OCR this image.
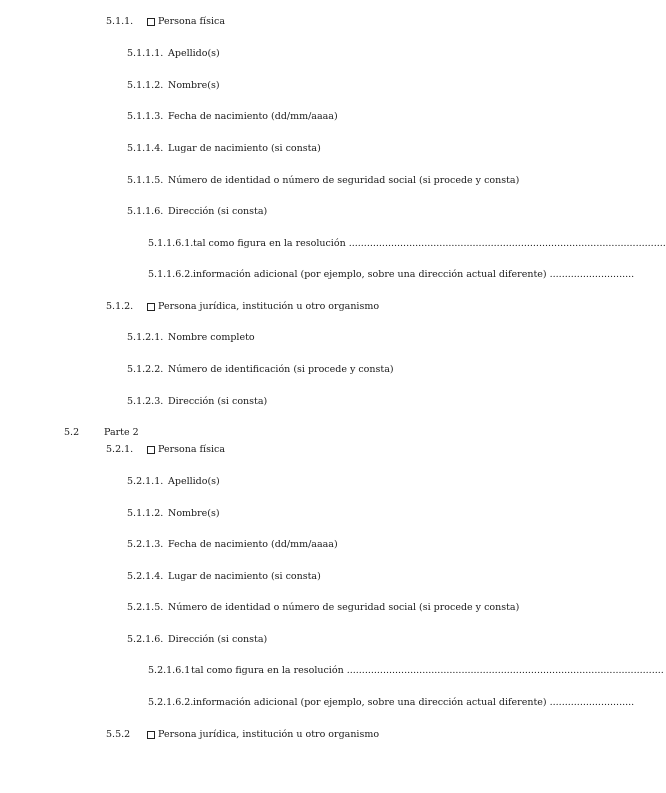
5.1.1.	Persona física
5.1.1.1. Apellido(s)
5.1.1.2. Nombre(s)
5.1.1.3. Fecha de nacimiento (dd/mm/aaaa)
5.1.1.4. Lugar de nacimiento (si consta)
5.1.1.5. Número de identidad o número de seguridad social (si procede y consta)
5.1.1.6. Dirección (si consta)
5.1.1.6.1. tal como figura en la resolución .........................................................................................................
5.1.1.6.2. información adicional (por ejemplo, sobre una dirección actual diferente) ............................
5.1.2.	Persona jurídica, institución u otro organismo
5.1.2.1. Nombre completo
5.1.2.2. Número de identificación (si procede y consta)
5.1.2.3. Dirección (si consta)
5.2	Parte 2
5.2.1.	Persona física
5.2.1.1. Apellido(s)
5.1.1.2. Nombre(s)
5.2.1.3. Fecha de nacimiento (dd/mm/aaaa)
5.2.1.4. Lugar de nacimiento (si consta)
5.2.1.5. Número de identidad o número de seguridad social (si procede y consta)
5.2.1.6. Dirección (si consta)
5.2.1.6.1 tal como figura en la resolución .........................................................................................................
5.2.1.6.2. información adicional (por ejemplo, sobre una dirección actual diferente) ............................
5.5.2	Persona jurídica, institución u otro organismo
